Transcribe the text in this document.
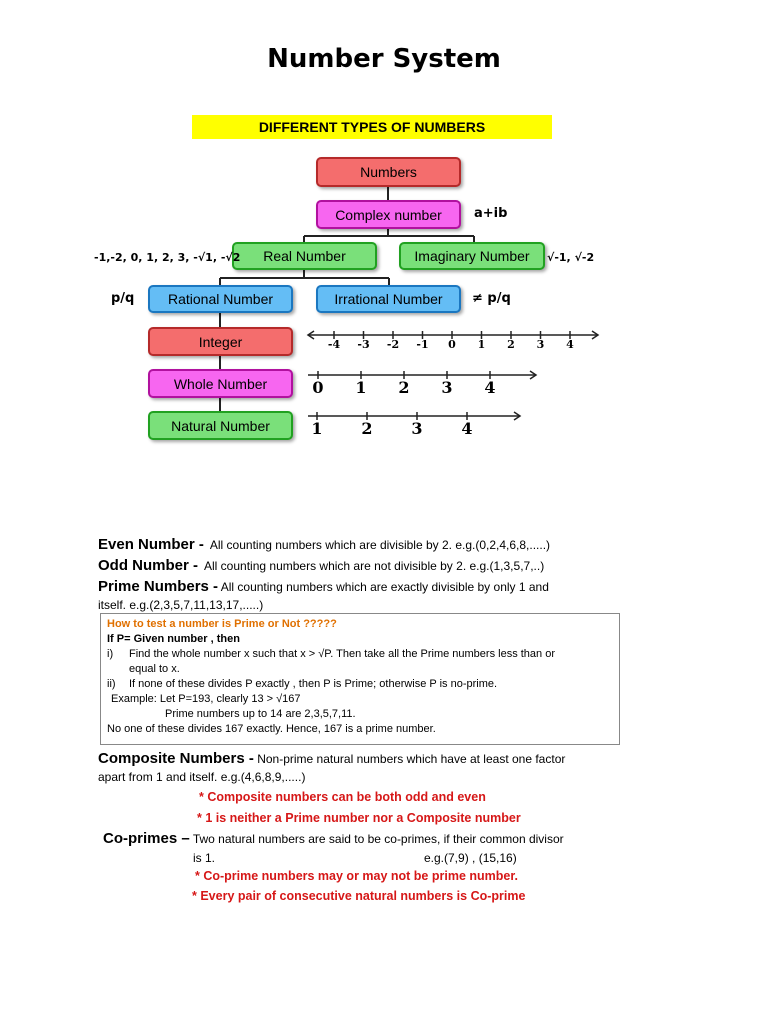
Number System
DIFFERENT TYPES OF NUMBERS
-4	-3	-2	-1	0	1	2	3	4
0	1	2	3	4
1	2	3	4
Numbers
Complex number
Real Number	Imaginary Number
Rational Number	Irrational Number
Integer
Whole Number
Natural Number
a+ib
-1,-2, 0, 1, 2, 3, -√1, -√2	√-1, √-2
p/q	≠ p/q
Even Number - All counting numbers which are divisible by 2. e.g.(0,2,4,6,8,.....)
Odd Number - All counting numbers which are not divisible by 2. e.g.(1,3,5,7,..)
Prime Numbers - All counting numbers which are exactly divisible by only 1 and
itself. e.g.(2,3,5,7,11,13,17,.....)
How to test a number is Prime or Not ?????
If P= Given number , then
i)	Find the whole number x such that x > √P. Then take all the Prime numbers less than or
equal to x.
ii)	If none of these divides P exactly , then P is Prime; otherwise P is no-prime.
Example: Let P=193, clearly 13 > √167
Prime numbers up to 14 are 2,3,5,7,11.
No one of these divides 167 exactly. Hence, 167 is a prime number.
Composite Numbers - Non-prime natural numbers which have at least one factor
apart from 1 and itself. e.g.(4,6,8,9,.....)
* Composite numbers can be both odd and even
* 1 is neither a Prime number nor a Composite number
Co-primes – Two natural numbers are said to be co-primes, if their common divisor
is 1.	e.g.(7,9) , (15,16)
* Co-prime numbers may or may not be prime number.
* Every pair of consecutive natural numbers is Co-prime
